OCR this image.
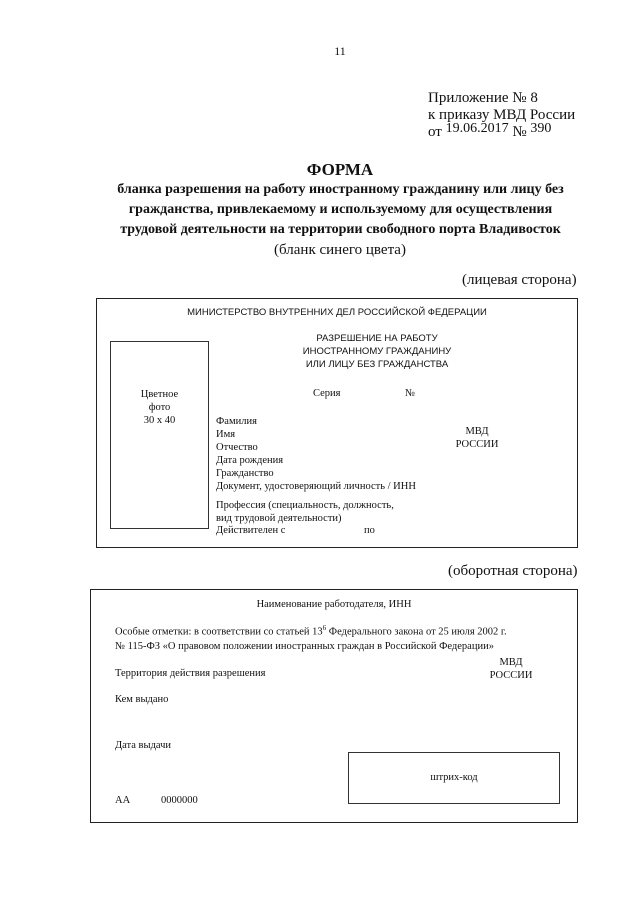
11
Приложение № 8
к приказу МВД России
от 19.06.2017 № 390
ФОРМА
бланка разрешения на работу иностранному гражданину или лицу без
гражданства, привлекаемому и используемому для осуществления
трудовой деятельности на территории свободного порта Владивосток
(бланк синего цвета)
(лицевая сторона)
МИНИСТЕРСТВО ВНУТРЕННИХ ДЕЛ РОССИЙСКОЙ ФЕДЕРАЦИИ
РАЗРЕШЕНИЕ НА РАБОТУ
ИНОСТРАННОМУ ГРАЖДАНИНУ
ИЛИ ЛИЦУ БЕЗ ГРАЖДАНСТВА
Цветное
фото
30 х 40
Серия	№
Фамилия
Имя
Отчество
Дата рождения
Гражданство
Документ, удостоверяющий личность / ИНН
МВД
РОССИИ
Профессия (специальность, должность,
вид трудовой деятельности)
Действителен с	по
(оборотная сторона)
Наименование работодателя, ИНН
Особые отметки: в соответствии со статьей $13^6$ Федерального закона от 25 июля 2002 г.
№ 115-ФЗ «О правовом положении иностранных граждан в Российской Федерации»
МВД
РОССИИ
Территория действия разрешения
Кем выдано
Дата выдачи
штрих-код
АА	0000000
